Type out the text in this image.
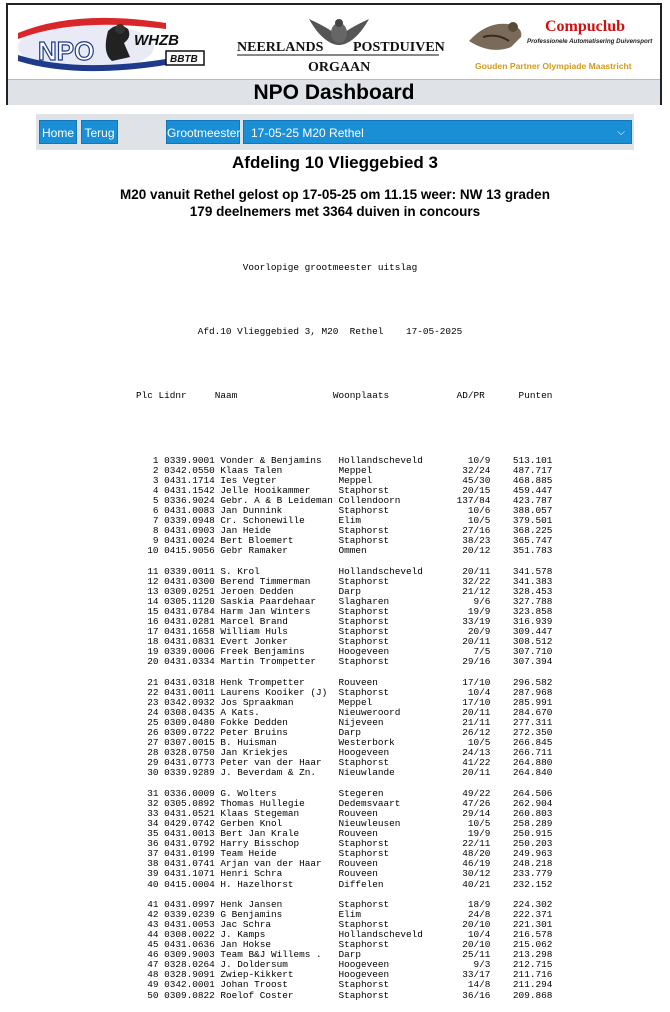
NPO	WHZB
BBTB
NEERLANDS POSTDUIVEN
ORGAAN
Compuclub
Professionele Automatisering Duivensport
Gouden Partner Olympiade Maastricht
NPO Dashboard
Home Terug	Grootmeester 17-05-25 M20 Rethel	⌵
Afdeling 10 Vlieggebied 3
M20 vanuit Rethel gelost op 17-05-25 om 11.15 weer: NW 13 graden
179 deelnemers met 3364 duiven in concours

Voorlopige grootmeester uitslag

Afd.10 Vlieggebied 3, M20  Rethel    17-05-2025

Plc Lidnr     Naam                 Woonplaats            AD/PR      Punten

1 0339.9001 Vonder & Benjamins   Hollandscheveld        10/9    513.101
2 0342.0550 Klaas Talen          Meppel                32/24    487.717
3 0431.1714 Ies Vegter           Meppel                45/30    468.885
4 0431.1542 Jelle Hooikammer     Staphorst             20/15    459.447
5 0336.9024 Gebr. A & B Leideman Collendoorn          137/84    423.787
6 0431.0083 Jan Dunnink          Staphorst              10/6    388.057
7 0339.0948 Cr. Schonewille      Elim                   10/5    379.501
8 0431.0903 Jan Heide            Staphorst             27/16    368.225
9 0431.0024 Bert Bloemert        Staphorst             38/23    365.747
10 0415.9056 Gebr Ramaker         Ommen                 20/12    351.783
11 0339.0011 S. Krol              Hollandscheveld       20/11    341.578
12 0431.0300 Berend Timmerman     Staphorst             32/22    341.383
13 0309.0251 Jeroen Dedden        Darp                  21/12    328.453
14 0305.1120 Saskia Paardehaar    Slagharen               9/6    327.788
15 0431.0784 Harm Jan Winters     Staphorst              19/9    323.858
16 0431.0281 Marcel Brand         Staphorst             33/19    316.939
17 0431.1658 William Huls         Staphorst              20/9    309.447
18 0431.0831 Evert Jonker         Staphorst             20/11    308.512
19 0339.0006 Freek Benjamins      Hoogeveen               7/5    307.710
20 0431.0334 Martin Trompetter    Staphorst             29/16    307.394
21 0431.0318 Henk Trompetter      Rouveen               17/10    296.582
22 0431.0011 Laurens Kooiker (J)  Staphorst              10/4    287.968
23 0342.0932 Jos Spraakman        Meppel                17/10    285.991
24 0308.0435 A Kats.              Nieuweroord           20/11    284.670
25 0309.0480 Fokke Dedden         Nijeveen              21/11    277.311
26 0309.0722 Peter Bruins         Darp                  26/12    272.350
27 0307.0015 B. Huisman           Westerbork             10/5    266.845
28 0328.0750 Jan Kriekjes         Hoogeveen             24/13    266.711
29 0431.0773 Peter van der Haar   Staphorst             41/22    264.880
30 0339.9289 J. Beverdam & Zn.    Nieuwlande            20/11    264.840
31 0336.0009 G. Wolters           Stegeren              49/22    264.506
32 0305.0892 Thomas Hullegie      Dedemsvaart           47/26    262.904
33 0431.0521 Klaas Stegeman       Rouveen               29/14    260.803
34 0429.0742 Gerben Knol          Nieuwleusen            10/5    258.289
35 0431.0013 Bert Jan Krale       Rouveen                19/9    250.915
36 0431.0792 Harry Bisschop       Staphorst             22/11    250.203
37 0431.0199 Team Heide           Staphorst             48/20    249.963
38 0431.0741 Arjan van der Haar   Rouveen               46/19    248.218
39 0431.1071 Henri Schra          Rouveen               30/12    233.779
40 0415.0004 H. Hazelhorst        Diffelen              40/21    232.152
41 0431.0997 Henk Jansen          Staphorst              18/9    224.302
42 0339.0239 G Benjamins          Elim                   24/8    222.371
43 0431.0053 Jac Schra            Staphorst             20/10    221.301
44 0308.0022 J. Kamps             Hollandscheveld        10/4    216.578
45 0431.0636 Jan Hokse            Staphorst             20/10    215.062
46 0309.9003 Team B&J Willems .   Darp                  25/11    213.298
47 0328.0264 J. Doldersum         Hoogeveen               9/3    212.715
48 0328.9091 Zwiep-Kikkert        Hoogeveen             33/17    211.716
49 0342.0001 Johan Troost         Staphorst              14/8    211.294
50 0309.0822 Roelof Coster        Staphorst             36/16    209.868
